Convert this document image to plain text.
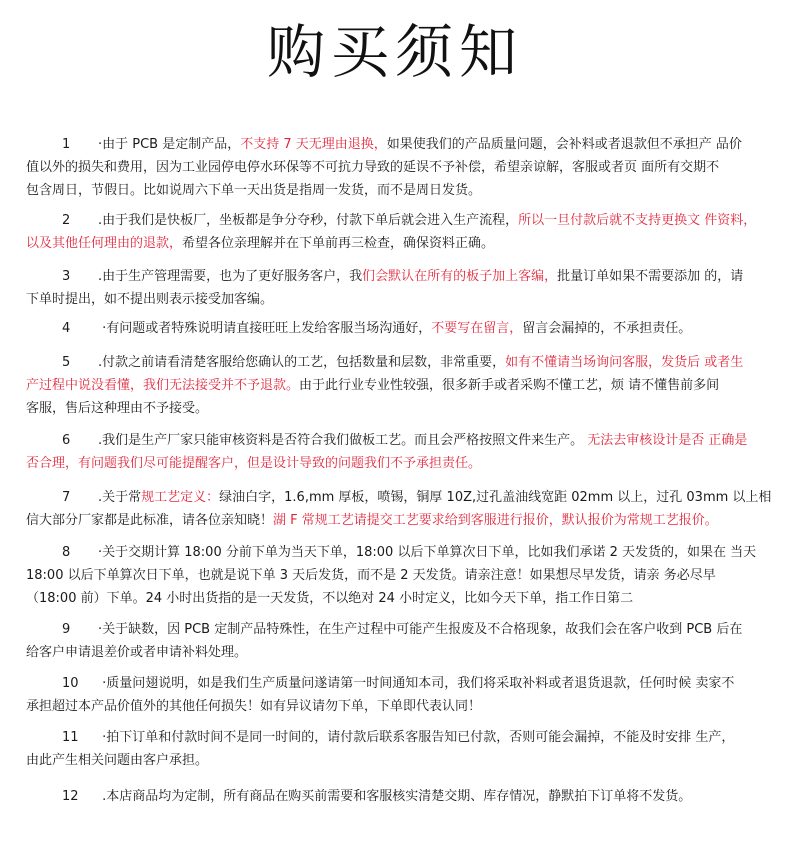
购买须知
1 ·由于 PCB 是定制产品，不支持 7 天无理由退换，如果使我们的产品质量问题，会补料或者退款但不承担产 品价
值以外的损失和费用，因为工业园停电停水环保等不可抗力导致的延误不予补偿，希望亲谅解，客服或者页 面所有交期不
包含周日，节假日。比如说周六下单一天出货是指周一发货，而不是周日发货。
2 .由于我们是快板厂，坐板都是争分夺秒，付款下单后就会进入生产流程，所以一旦付款后就不支持更换文 件资料，
以及其他任何理由的退款，希望各位亲理解并在下单前再三检查，确保资料正确。
3 .由于生产管理需要，也为了更好服务客户，我们会默认在所有的板子加上客编，批量订单如果不需要添加 的，请
下单时提出，如不提出则表示接受加客编。
4 ·有问题或者特殊说明请直接旺旺上发给客服当场沟通好，不要写在留言，留言会漏掉的，不承担责任。
5 .付款之前请看清楚客服给您确认的工艺，包括数量和层数，非常重要，如有不懂请当场询问客服，发货后 或者生
产过程中说没看懂，我们无法接受并不予退款。由于此行业专业性较强，很多新手或者采购不懂工艺，烦 请不懂售前多间
客服，售后这种理由不予接受。
6 .我们是生产厂家只能审核资料是否符合我们做板工艺。而且会严格按照文件来生产。 无法去审核设计是否 正确是
否合理，有问题我们尽可能提醒客户，但是设计导致的问题我们不予承担责任。
7 .关于常规工艺定义：绿油白字，1.6,mm 厚板，喷锡，铜厚 10Z,过孔盖油线宽距 02mm 以上，过孔 03mm 以上相
信大部分厂家都是此标准，请各位亲知晓！湖 F 常规工艺请提交工艺要求给到客服进行报价，默认报价为常规工艺报价。
8 ·关于交期计算 18:00 分前下单为当天下单，18:00 以后下单算次日下单，比如我们承诺 2 天发货的，如果在 当天
18:00 以后下单算次日下单，也就是说下单 3 天后发货，而不是 2 天发货。请亲注意！如果想尽早发货，请亲 务必尽早
（18:00 前）下单。24 小时出货指的是一天发货，不以绝对 24 小时定义，比如今天下单，指工作日第二
9 ·关于缺数，因 PCB 定制产品特殊性，在生产过程中可能产生报废及不合格现象，故我们会在客户收到 PCB 后在
给客户申请退差价或者申请补料处理。
10 ·质量问翅说明，如是我们生产质量问遂请第一时间通知本司，我们将采取补料或者退货退款，任何时候 卖家不
承担超过本产品价值外的其他任何损失！如有异议请勿下单，下单即代表认同！
11 ·拍下订单和付款时间不是同一时间的，请付款后联系客服告知已付款，否则可能会漏掉，不能及时安排 生产，
由此产生相关问题由客户承担。
12 .本店商品均为定制，所有商品在购买前需要和客服核实清楚交期、库存情况，静默拍下订单将不发货。
